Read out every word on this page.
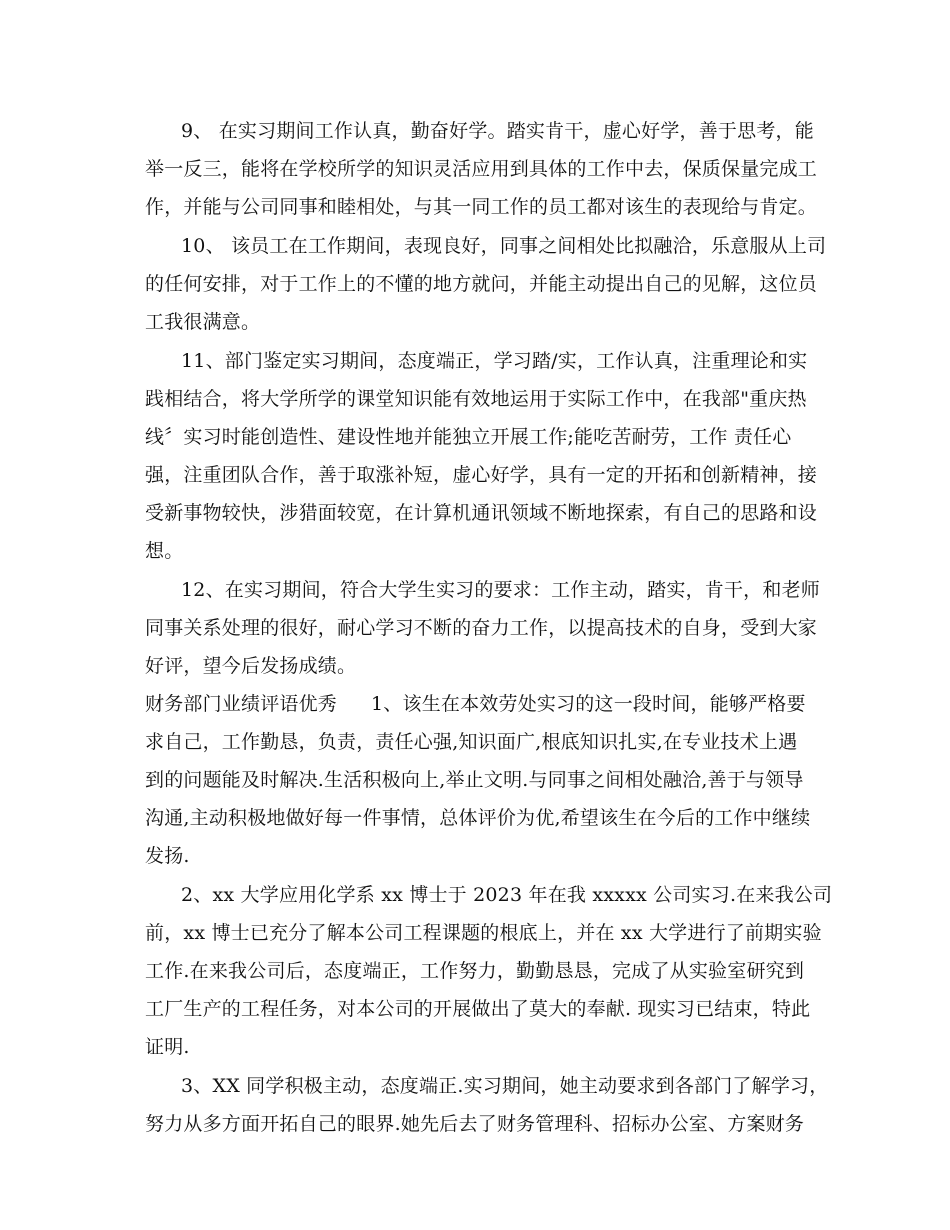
9、 在实习期间工作认真，勤奋好学。踏实肯干，虚心好学，善于思考，能

举一反三，能将在学校所学的知识灵活应用到具体的工作中去，保质保量完成工

作，并能与公司同事和睦相处，与其一同工作的员工都对该生的表现给与肯定。

10、 该员工在工作期间，表现良好，同事之间相处比拟融洽，乐意服从上司

的任何安排，对于工作上的不懂的地方就问，并能主动提出自己的见解，这位员

工我很满意。

11、部门鉴定实习期间，态度端正，学习踏/实，工作认真，注重理论和实

践相结合，将大学所学的课堂知识能有效地运用于实际工作中，在我部"重庆热

线〞实习时能创造性、建设性地并能独立开展工作;能吃苦耐劳，工作 责任心

强，注重团队合作，善于取涨补短，虚心好学，具有一定的开拓和创新精神，接

受新事物较快，涉猎面较宽，在计算机通讯领域不断地探索，有自己的思路和设

想。

12、在实习期间，符合大学生实习的要求：工作主动，踏实，肯干，和老师

同事关系处理的很好，耐心学习不断的奋力工作，以提高技术的自身，受到大家

好评，望今后发扬成绩。

财务部门业绩评语优秀 1、该生在本效劳处实习的这一段时间，能够严格要

求自己，工作勤恳，负责，责任心强,知识面广,根底知识扎实,在专业技术上遇

到的问题能及时解决.生活积极向上,举止文明.与同事之间相处融洽,善于与领导

沟通,主动积极地做好每一件事情，总体评价为优,希望该生在今后的工作中继续

发扬.

2、xx 大学应用化学系 xx 博士于 2023 年在我 xxxxx 公司实习.在来我公司

前，xx 博士已充分了解本公司工程课题的根底上，并在 xx 大学进行了前期实验

工作.在来我公司后，态度端正，工作努力，勤勤恳恳，完成了从实验室研究到

工厂生产的工程任务，对本公司的开展做出了莫大的奉献. 现实习已结束，特此

证明.

3、XX 同学积极主动，态度端正.实习期间，她主动要求到各部门了解学习，

努力从多方面开拓自己的眼界.她先后去了财务管理科、招标办公室、方案财务
